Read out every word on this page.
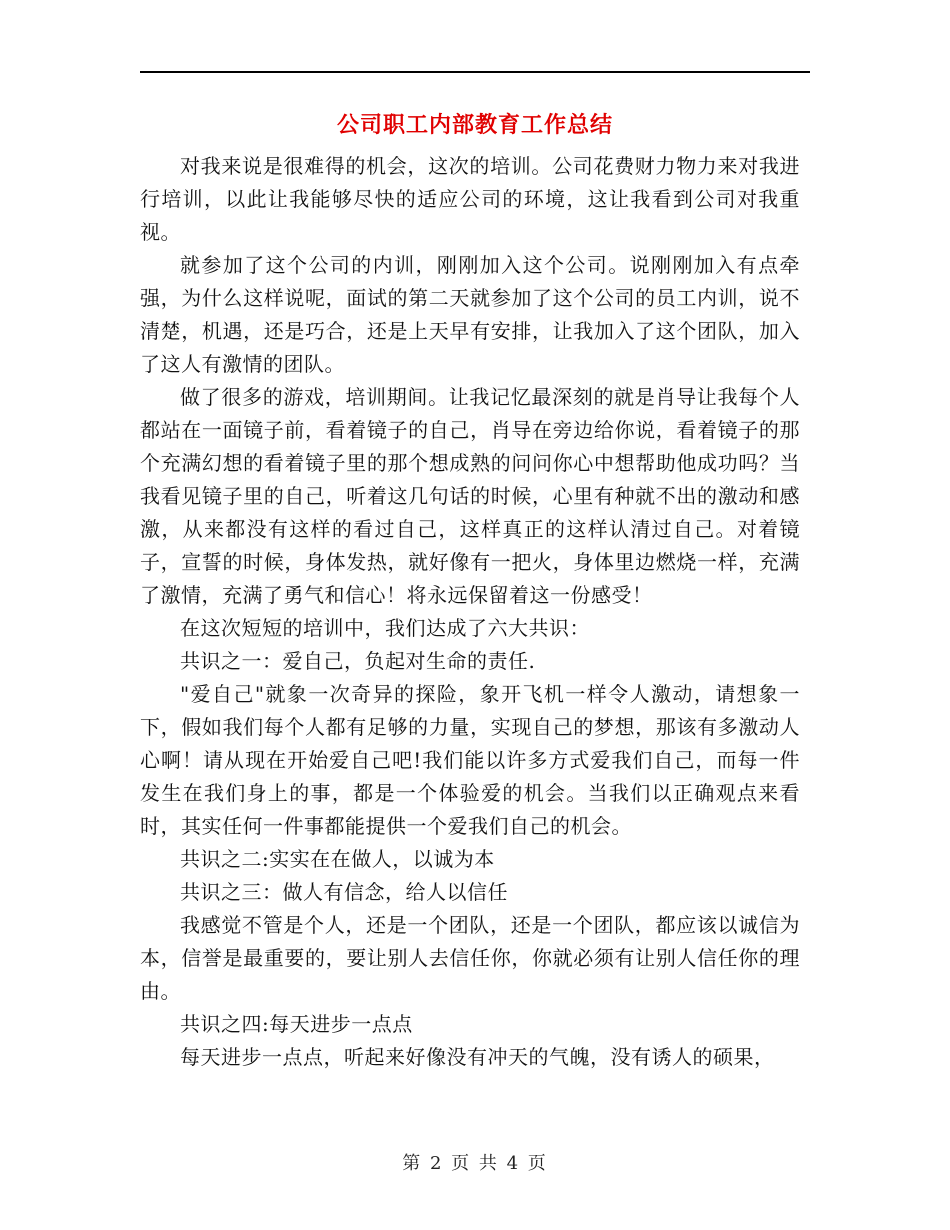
公司职工内部教育工作总结

对我来说是很难得的机会，这次的培训。公司花费财力物力来对我进行培训，以此让我能够尽快的适应公司的环境，这让我看到公司对我重视。

就参加了这个公司的内训，刚刚加入这个公司。说刚刚加入有点牵强，为什么这样说呢，面试的第二天就参加了这个公司的员工内训，说不清楚，机遇，还是巧合，还是上天早有安排，让我加入了这个团队，加入了这人有激情的团队。

做了很多的游戏，培训期间。让我记忆最深刻的就是肖导让我每个人都站在一面镜子前，看着镜子的自己，肖导在旁边给你说，看着镜子的那个充满幻想的看着镜子里的那个想成熟的问问你心中想帮助他成功吗？当我看见镜子里的自己，听着这几句话的时候，心里有种就不出的激动和感激，从来都没有这样的看过自己，这样真正的这样认清过自己。对着镜子，宣誓的时候，身体发热，就好像有一把火，身体里边燃烧一样，充满了激情，充满了勇气和信心！将永远保留着这一份感受！

在这次短短的培训中，我们达成了六大共识：

共识之一：爱自己，负起对生命的责任.

"爱自己"就象一次奇异的探险，象开飞机一样令人激动，请想象一下，假如我们每个人都有足够的力量，实现自己的梦想，那该有多激动人心啊！请从现在开始爱自己吧!我们能以许多方式爱我们自己，而每一件发生在我们身上的事，都是一个体验爱的机会。当我们以正确观点来看时，其实任何一件事都能提供一个爱我们自己的机会。

共识之二:实实在在做人，以诚为本

共识之三：做人有信念，给人以信任

我感觉不管是个人，还是一个团队，还是一个团队，都应该以诚信为本，信誉是最重要的，要让别人去信任你，你就必须有让别人信任你的理由。

共识之四:每天进步一点点

每天进步一点点，听起来好像没有冲天的气魄，没有诱人的硕果，

第 2 页 共 4 页
